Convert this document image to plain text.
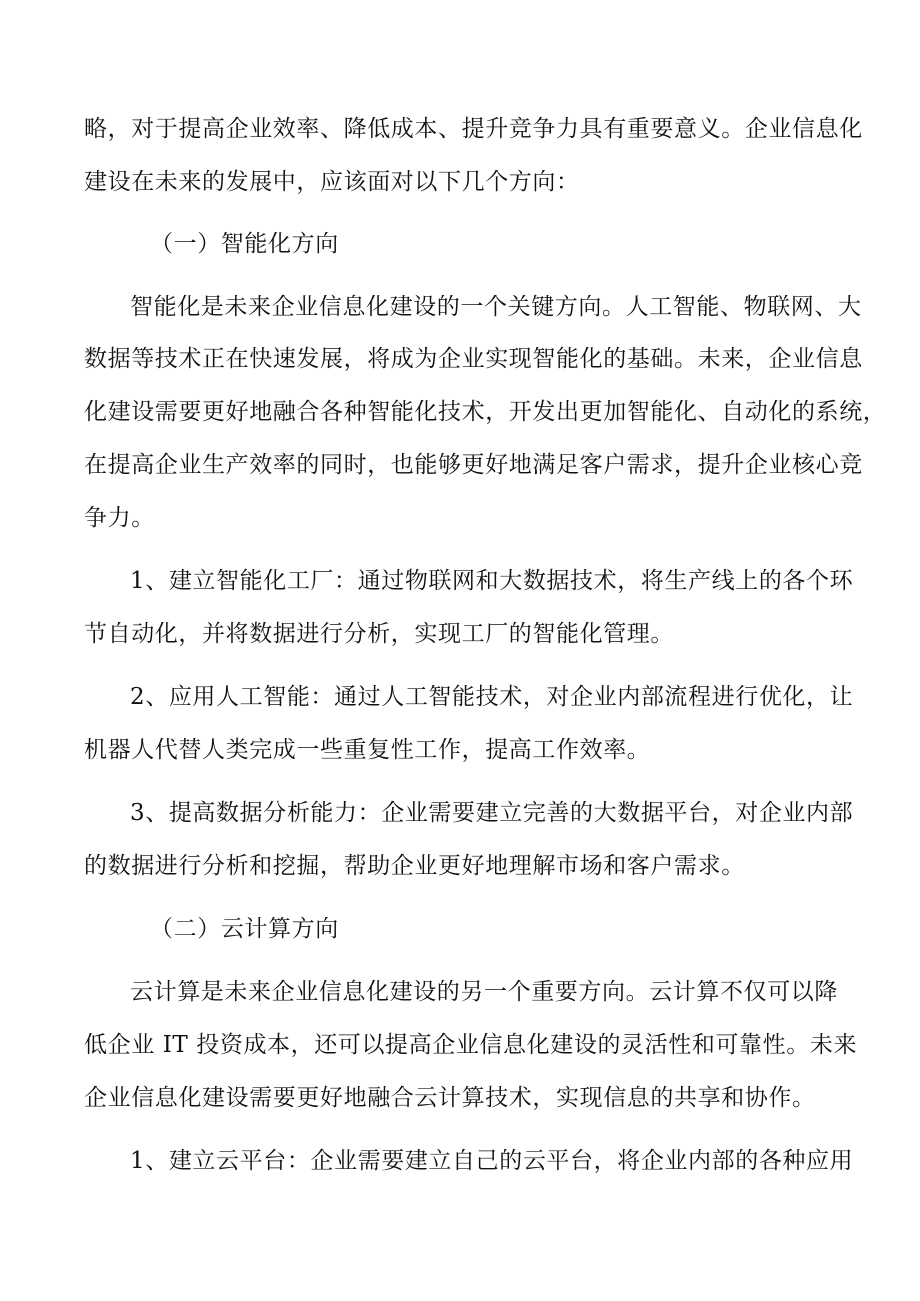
略，对于提高企业效率、降低成本、提升竞争力具有重要意义。企业信息化
建设在未来的发展中，应该面对以下几个方向：
（一）智能化方向
智能化是未来企业信息化建设的一个关键方向。人工智能、物联网、大
数据等技术正在快速发展，将成为企业实现智能化的基础。未来，企业信息
化建设需要更好地融合各种智能化技术，开发出更加智能化、自动化的系统，
在提高企业生产效率的同时，也能够更好地满足客户需求，提升企业核心竞
争力。
1、建立智能化工厂：通过物联网和大数据技术，将生产线上的各个环
节自动化，并将数据进行分析，实现工厂的智能化管理。
2、应用人工智能：通过人工智能技术，对企业内部流程进行优化，让
机器人代替人类完成一些重复性工作，提高工作效率。
3、提高数据分析能力：企业需要建立完善的大数据平台，对企业内部
的数据进行分析和挖掘，帮助企业更好地理解市场和客户需求。
（二）云计算方向
云计算是未来企业信息化建设的另一个重要方向。云计算不仅可以降
低企业 IT 投资成本，还可以提高企业信息化建设的灵活性和可靠性。未来
企业信息化建设需要更好地融合云计算技术，实现信息的共享和协作。
1、建立云平台：企业需要建立自己的云平台，将企业内部的各种应用
